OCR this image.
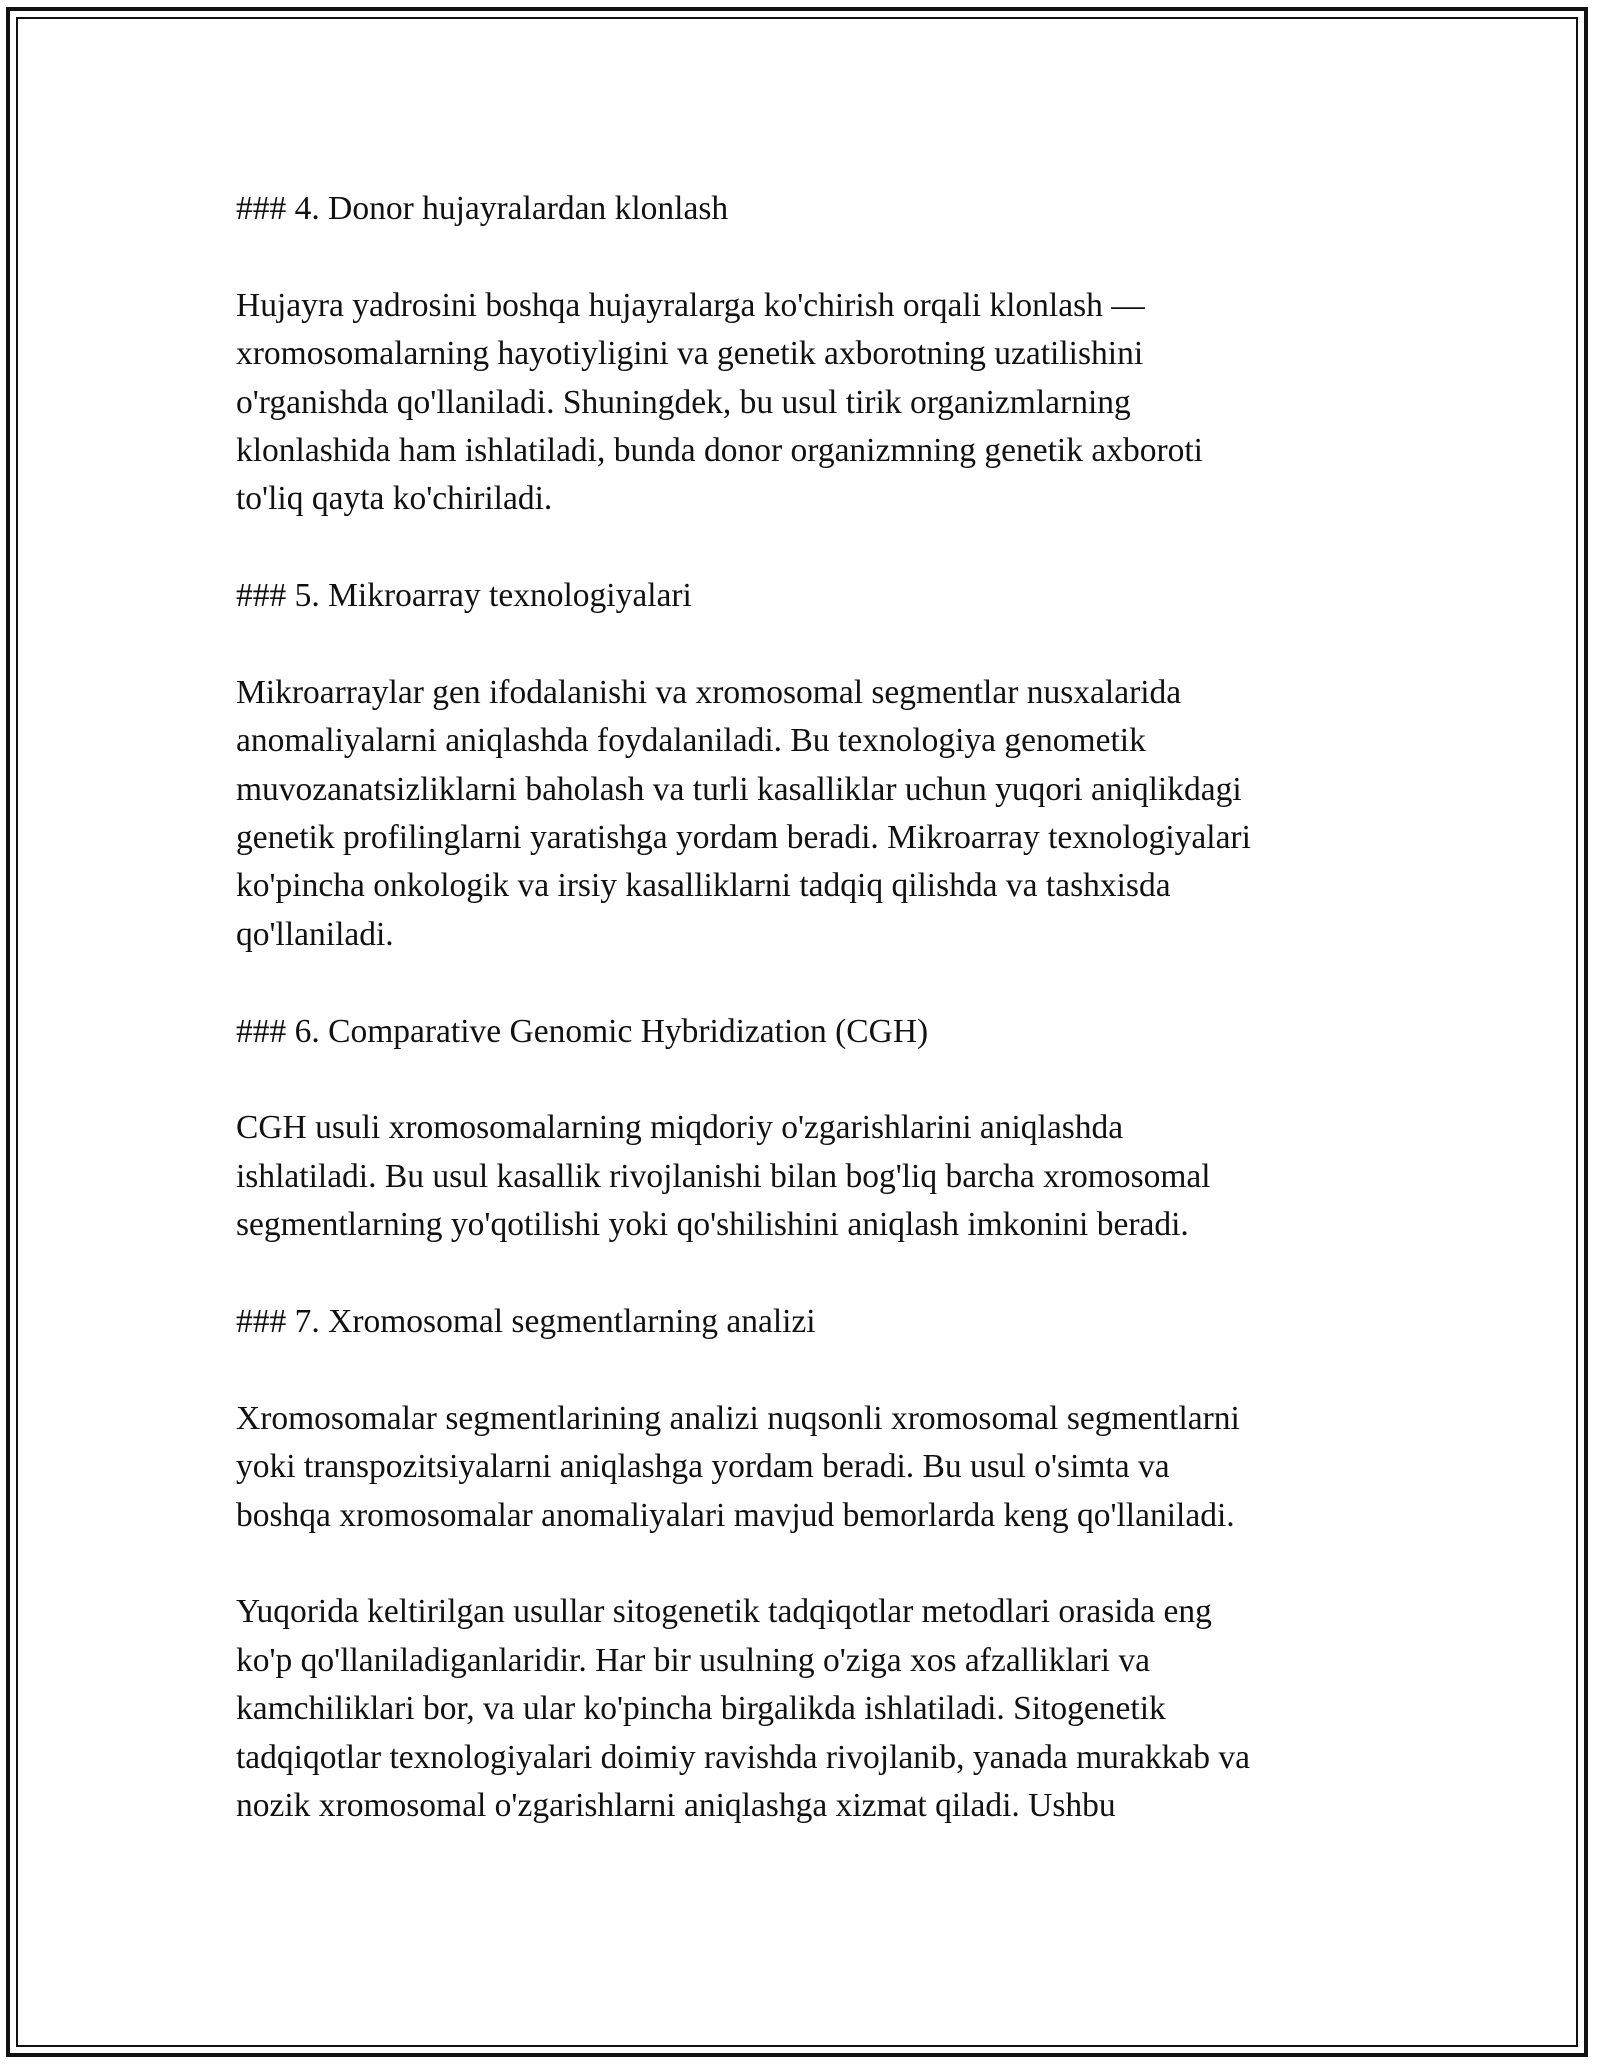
### 4. Donor hujayralardan klonlash
Hujayra yadrosini boshqa hujayralarga ko'chirish orqali klonlash —
xromosomalarning hayotiyligini va genetik axborotning uzatilishini
o'rganishda qo'llaniladi. Shuningdek, bu usul tirik organizmlarning
klonlashida ham ishlatiladi, bunda donor organizmning genetik axboroti
to'liq qayta ko'chiriladi.
### 5. Mikroarray texnologiyalari
Mikroarraylar gen ifodalanishi va xromosomal segmentlar nusxalarida
anomaliyalarni aniqlashda foydalaniladi. Bu texnologiya genometik
muvozanatsizliklarni baholash va turli kasalliklar uchun yuqori aniqlikdagi
genetik profilinglarni yaratishga yordam beradi. Mikroarray texnologiyalari
ko'pincha onkologik va irsiy kasalliklarni tadqiq qilishda va tashxisda
qo'llaniladi.
### 6. Comparative Genomic Hybridization (CGH)
CGH usuli xromosomalarning miqdoriy o'zgarishlarini aniqlashda
ishlatiladi. Bu usul kasallik rivojlanishi bilan bog'liq barcha xromosomal
segmentlarning yo'qotilishi yoki qo'shilishini aniqlash imkonini beradi.
### 7. Xromosomal segmentlarning analizi
Xromosomalar segmentlarining analizi nuqsonli xromosomal segmentlarni
yoki transpozitsiyalarni aniqlashga yordam beradi. Bu usul o'simta va
boshqa xromosomalar anomaliyalari mavjud bemorlarda keng qo'llaniladi.
Yuqorida keltirilgan usullar sitogenetik tadqiqotlar metodlari orasida eng
ko'p qo'llaniladiganlaridir. Har bir usulning o'ziga xos afzalliklari va
kamchiliklari bor, va ular ko'pincha birgalikda ishlatiladi. Sitogenetik
tadqiqotlar texnologiyalari doimiy ravishda rivojlanib, yanada murakkab va
nozik xromosomal o'zgarishlarni aniqlashga xizmat qiladi. Ushbu
